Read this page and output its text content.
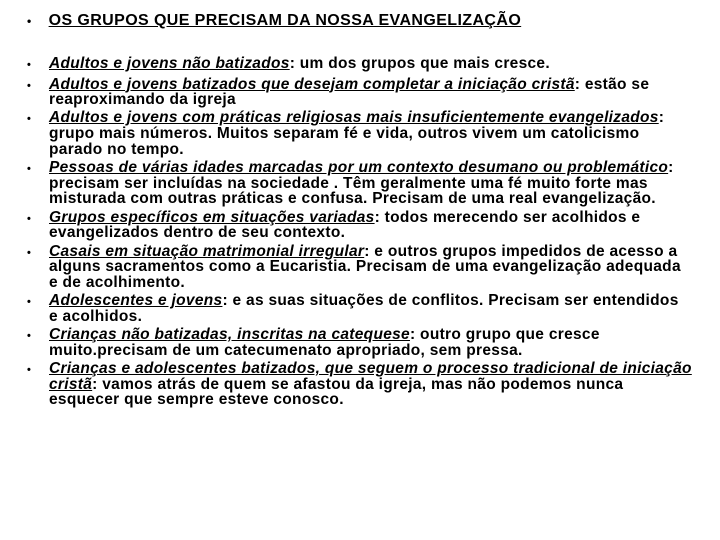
• OS GRUPOS QUE PRECISAM DA NOSSA EVANGELIZAÇÃO
•	Adultos e jovens não batizados: um dos grupos que mais cresce.
•	Adultos e jovens batizados que desejam completar a iniciação cristã: estão se reaproximando da igreja
•	Adultos e jovens com práticas religiosas mais insuficientemente evangelizados: grupo mais números. Muitos separam fé e vida, outros vivem um catolicismo parado no tempo.
•	Pessoas de várias idades marcadas por um contexto desumano ou problemático: precisam ser incluídas na sociedade . Têm geralmente uma fé muito forte mas misturada com outras práticas e confusa. Precisam de uma real evangelização.
•	Grupos específicos em situações variadas: todos merecendo ser acolhidos e evangelizados dentro de seu contexto.
•	Casais em situação matrimonial irregular: e outros grupos impedidos de acesso a alguns sacramentos como a Eucaristia. Precisam de uma evangelização adequada e de acolhimento.
•	Adolescentes e jovens: e as suas situações de conflitos. Precisam ser entendidos e acolhidos.
•	Crianças não batizadas, inscritas na catequese: outro grupo que cresce muito.precisam de um catecumenato apropriado, sem pressa.
•	Crianças e adolescentes batizados, que seguem o processo tradicional de iniciação cristã: vamos atrás de quem se afastou da igreja, mas não podemos nunca esquecer que sempre esteve conosco.
